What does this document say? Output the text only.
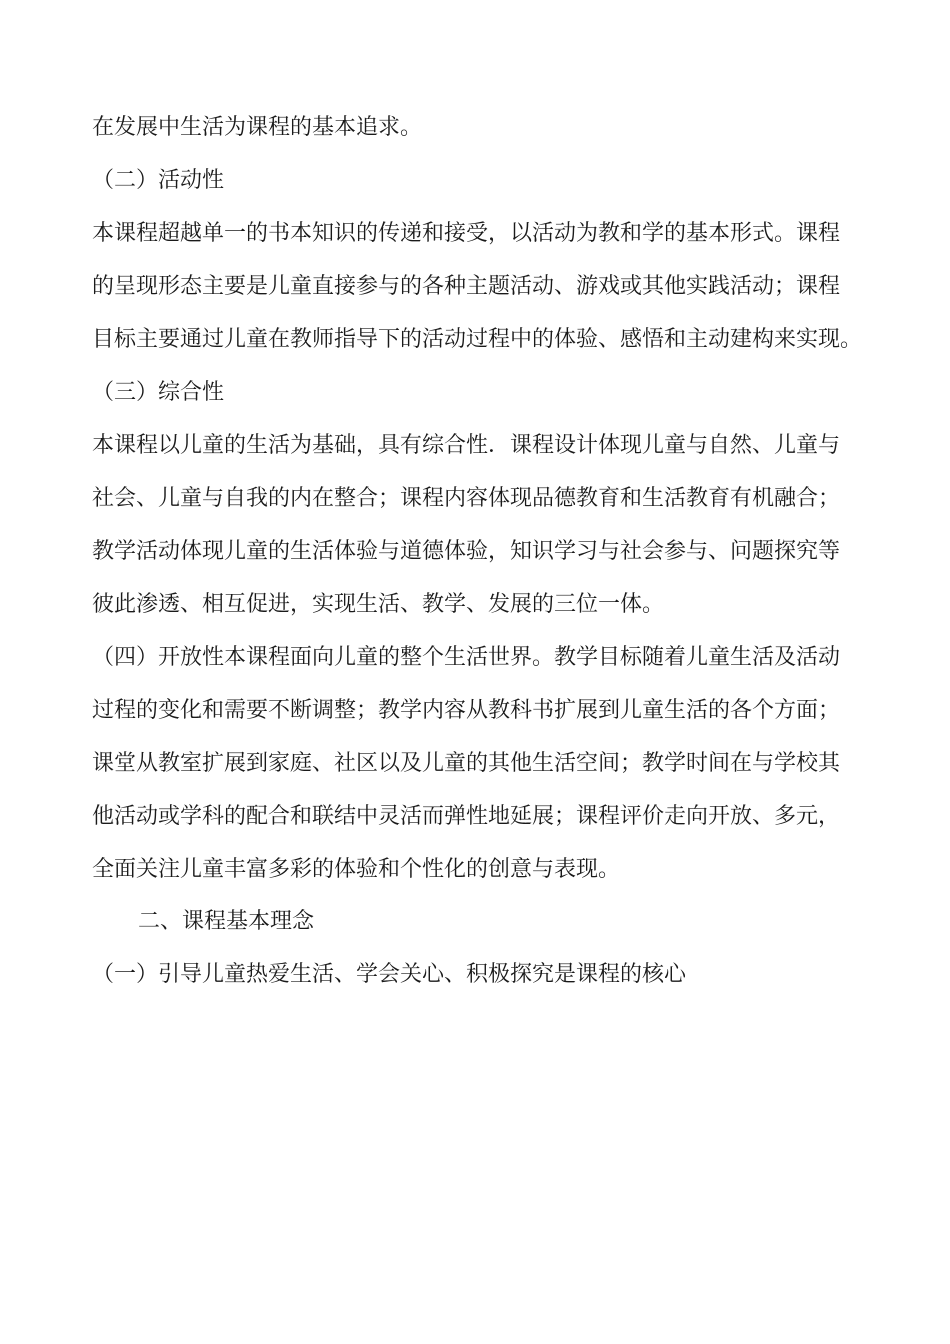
在发展中生活为课程的基本追求。
（二）活动性
本课程超越单一的书本知识的传递和接受，以活动为教和学的基本形式。课程
的呈现形态主要是儿童直接参与的各种主题活动、游戏或其他实践活动；课程
目标主要通过儿童在教师指导下的活动过程中的体验、感悟和主动建构来实现。
（三）综合性
本课程以儿童的生活为基础，具有综合性．课程设计体现儿童与自然、儿童与
社会、儿童与自我的内在整合；课程内容体现品德教育和生活教育有机融合；
教学活动体现儿童的生活体验与道德体验，知识学习与社会参与、问题探究等
彼此渗透、相互促进，实现生活、教学、发展的三位一体。
（四）开放性本课程面向儿童的整个生活世界。教学目标随着儿童生活及活动
过程的变化和需要不断调整；教学内容从教科书扩展到儿童生活的各个方面；
课堂从教室扩展到家庭、社区以及儿童的其他生活空间；教学时间在与学校其
他活动或学科的配合和联结中灵活而弹性地延展；课程评价走向开放、多元，
全面关注儿童丰富多彩的体验和个性化的创意与表现。
二、课程基本理念
（一）引导儿童热爱生活、学会关心、积极探究是课程的核心
